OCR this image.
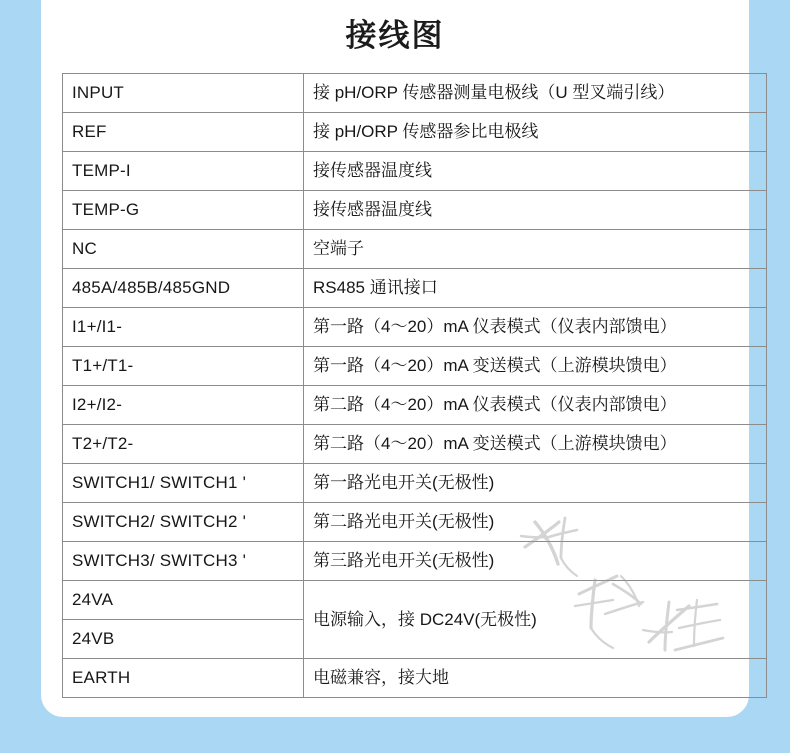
接线图
INPUT	接 pH/ORP 传感器测量电极线（U 型叉端引线）
REF	接 pH/ORP 传感器参比电极线
TEMP-I	接传感器温度线
TEMP-G	接传感器温度线
NC	空端子
485A/485B/485GND	RS485 通讯接口
I1+/I1-	第一路（4～20）mA 仪表模式（仪表内部馈电）
T1+/T1-	第一路（4～20）mA 变送模式（上游模块馈电）
I2+/I2-	第二路（4～20）mA 仪表模式（仪表内部馈电）
T2+/T2-	第二路（4～20）mA 变送模式（上游模块馈电）
SWITCH1/ SWITCH1 '	第一路光电开关(无极性)
SWITCH2/ SWITCH2 '	第二路光电开关(无极性)
SWITCH3/ SWITCH3 '	第三路光电开关(无极性)
24VA	电源输入，接 DC24V(无极性)
24VB	
EARTH	电磁兼容，接大地
